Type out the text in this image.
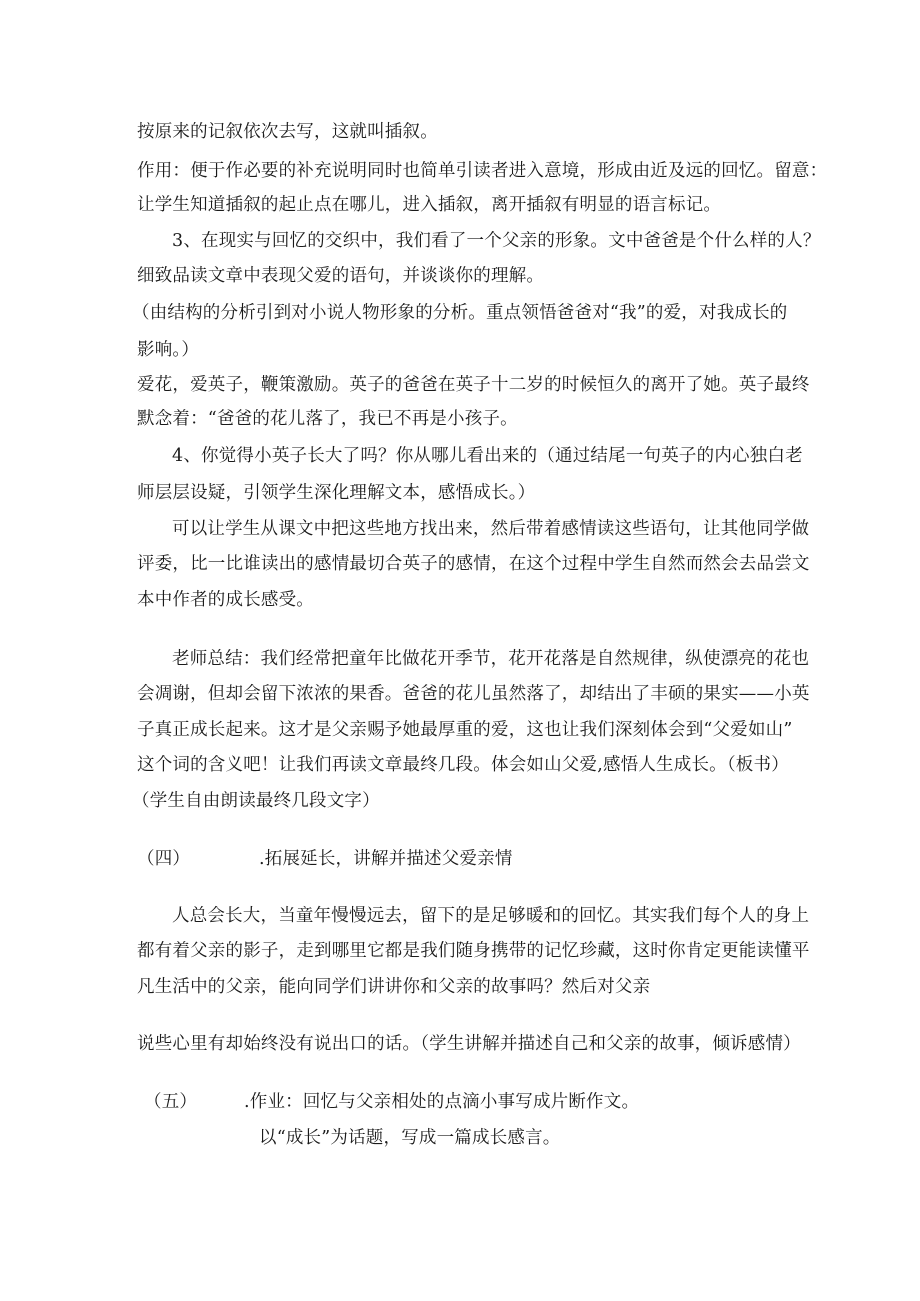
按原来的记叙依次去写，这就叫插叙。
作用：便于作必要的补充说明同时也简单引读者进入意境，形成由近及远的回忆。留意：
让学生知道插叙的起止点在哪儿，进入插叙，离开插叙有明显的语言标记。
3、在现实与回忆的交织中，我们看了一个父亲的形象。文中爸爸是个什么样的人？
细致品读文章中表现父爱的语句，并谈谈你的理解。
（由结构的分析引到对小说人物形象的分析。重点领悟爸爸对“我”的爱，对我成长的
影响。）
爱花，爱英子，鞭策激励。英子的爸爸在英子十二岁的时候恒久的离开了她。英子最终
默念着：“爸爸的花儿落了，我已不再是小孩子。
4、你觉得小英子长大了吗？你从哪儿看出来的（通过结尾一句英子的内心独白老
师层层设疑，引领学生深化理解文本，感悟成长。）
可以让学生从课文中把这些地方找出来，然后带着感情读这些语句，让其他同学做
评委，比一比谁读出的感情最切合英子的感情，在这个过程中学生自然而然会去品尝文
本中作者的成长感受。
老师总结：我们经常把童年比做花开季节，花开花落是自然规律，纵使漂亮的花也
会凋谢，但却会留下浓浓的果香。爸爸的花儿虽然落了，却结出了丰硕的果实——小英
子真正成长起来。这才是父亲赐予她最厚重的爱，这也让我们深刻体会到“父爱如山”
这个词的含义吧！让我们再读文章最终几段。体会如山父爱,感悟人生成长。（板书）
（学生自由朗读最终几段文字）
（四）	.拓展延长，讲解并描述父爱亲情
人总会长大，当童年慢慢远去，留下的是足够暖和的回忆。其实我们每个人的身上
都有着父亲的影子，走到哪里它都是我们随身携带的记忆珍藏，这时你肯定更能读懂平
凡生活中的父亲，能向同学们讲讲你和父亲的故事吗？然后对父亲
说些心里有却始终没有说出口的话。（学生讲解并描述自己和父亲的故事，倾诉感情）
（五）	.作业：回忆与父亲相处的点滴小事写成片断作文。
以“成长”为话题，写成一篇成长感言。
